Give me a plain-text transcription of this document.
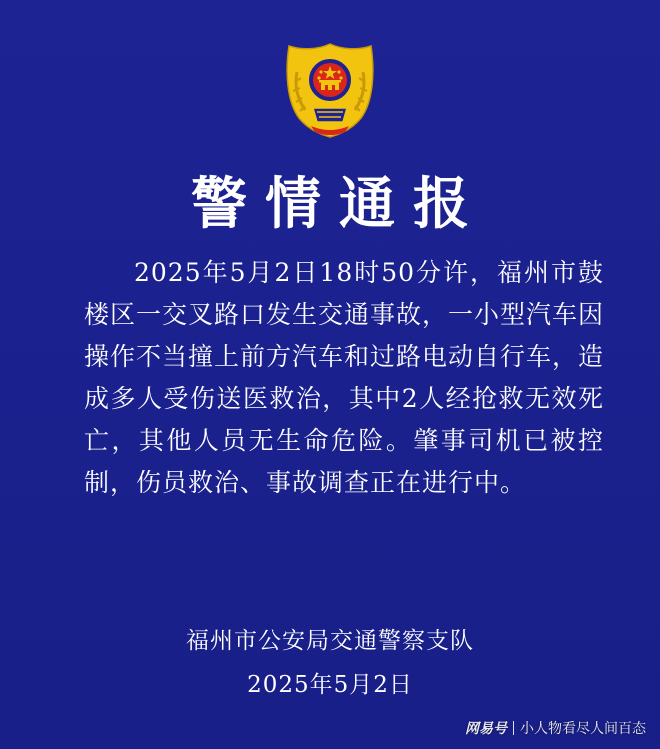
警情通报

2025年5月2日18时50分许，福州市鼓楼区一交叉路口发生交通事故，一小型汽车因操作不当撞上前方汽车和过路电动自行车，造成多人受伤送医救治，其中2人经抢救无效死亡，其他人员无生命危险。肇事司机已被控制，伤员救治、事故调查正在进行中。

福州市公安局交通警察支队
2025年5月2日
网易号 小人物看尽人间百态
